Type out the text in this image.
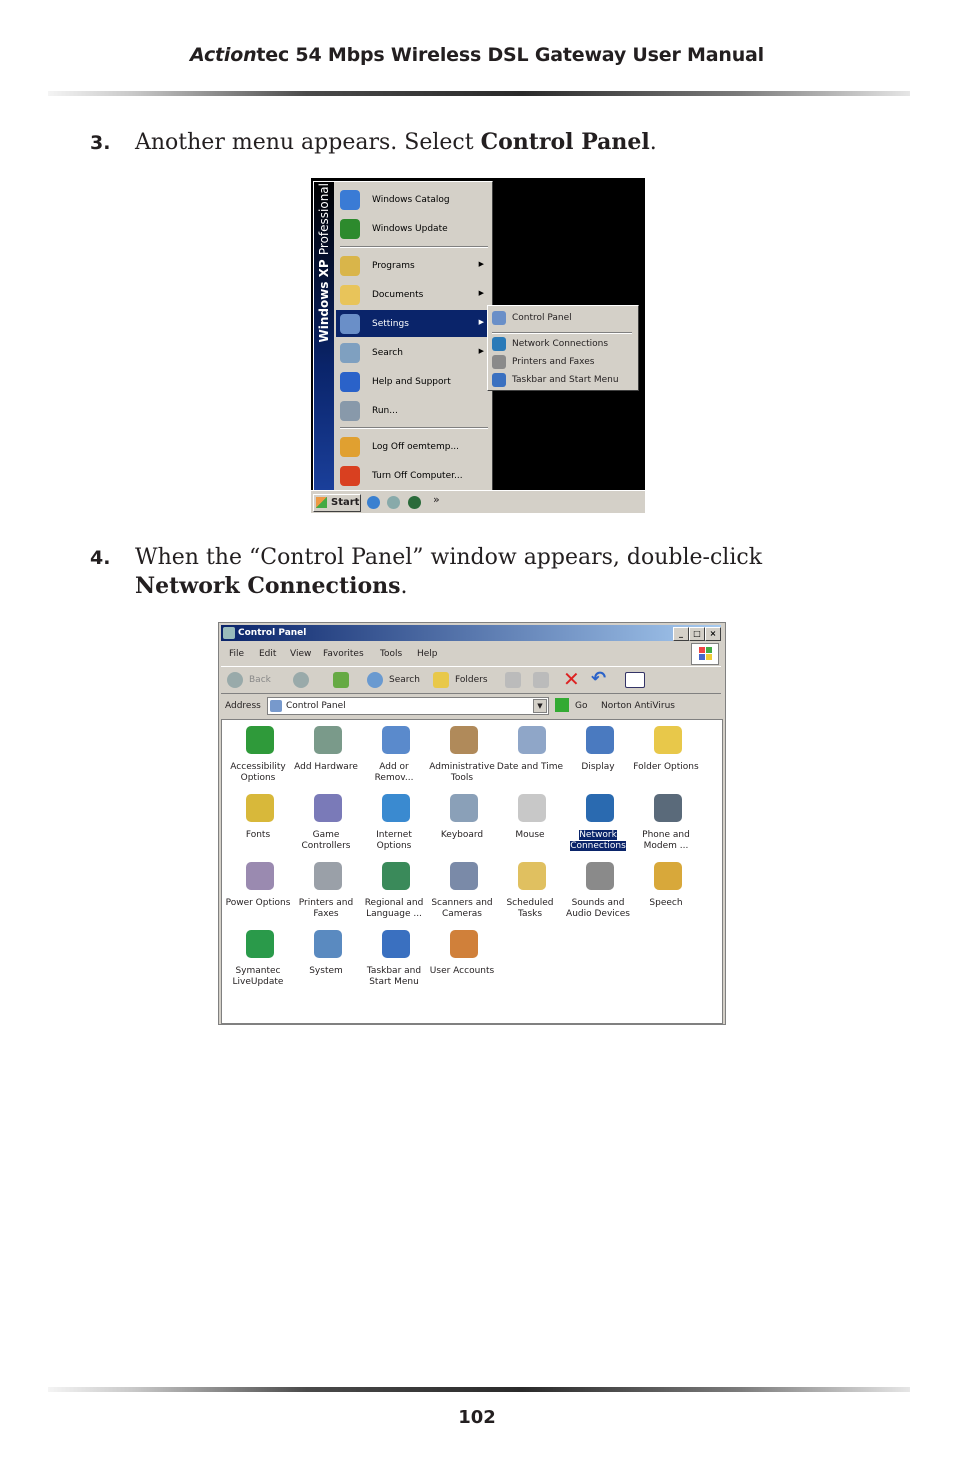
Actiontec 54 Mbps Wireless DSL Gateway User Manual
3. Another menu appears. Select Control Panel.
Windows XP Professional	Windows Catalog
Windows Update
Programs	▶
Documents	▶
Settings	▶
Search	▶
Help and Support
Run...
Log Off oemtemp...
Turn Off Computer...
Control Panel
Network Connections
Printers and Faxes
Taskbar and Start Menu
Start	»
4. When the “Control Panel” window appears, double-click Network Connections.
Control Panel	_	□	×
File Edit View Favorites Tools Help
Back	Search	Folders	✕ ↶
Address	Control Panel	▼	Go Norton AntiVirus
Accessibility Options
Add Hardware	Add or Remov...
Administrative Tools
Date and Time	Display	Folder Options
Fonts	Game Controllers
Internet Options
Keyboard	Mouse	Network Connections
Phone and Modem ...
Power Options Printers and Faxes
Regional and Language ...
Scanners and Cameras
Scheduled Tasks
Sounds and Audio Devices
Speech
Symantec LiveUpdate
System	Taskbar and Start Menu
User Accounts
102
